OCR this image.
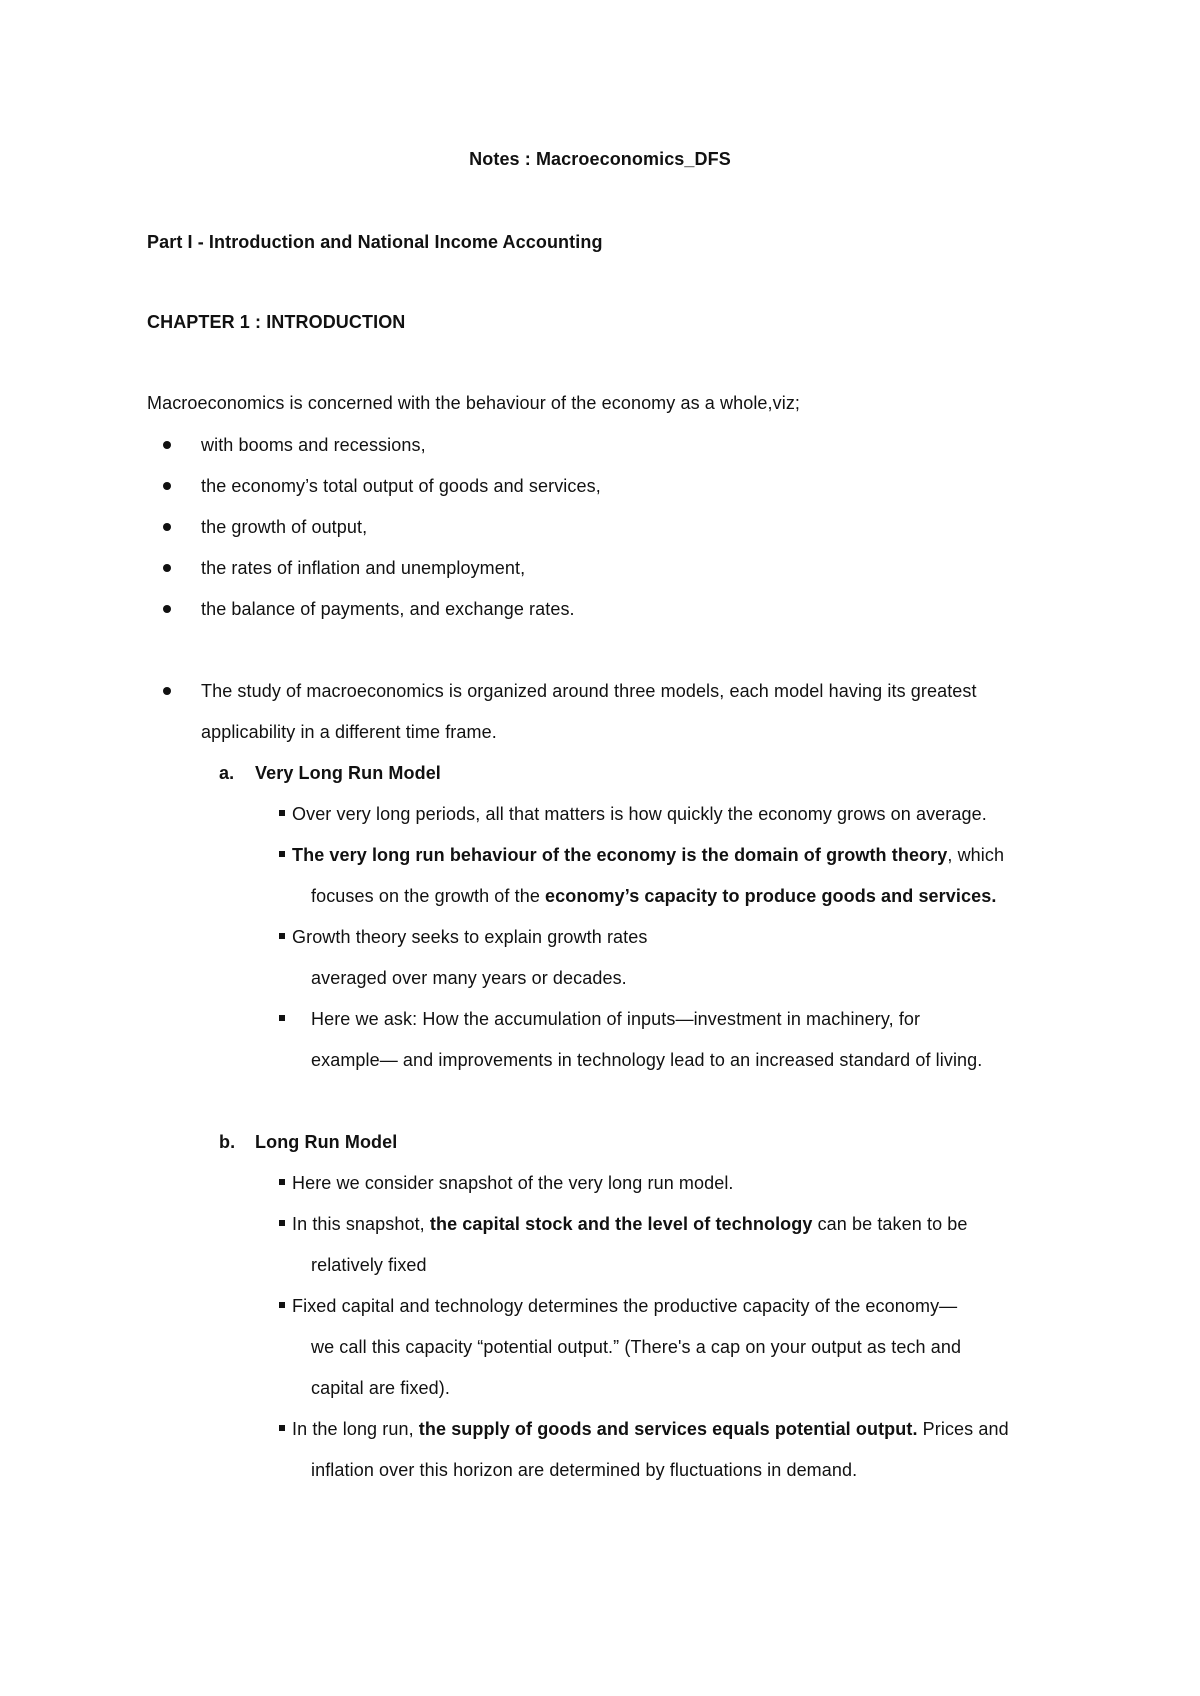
Notes : Macroeconomics_DFS
Part I - Introduction and National Income Accounting
CHAPTER 1 : INTRODUCTION
Macroeconomics is concerned with the behaviour of the economy as a whole,viz;
with booms and recessions,
the economy’s total output of goods and services,
the growth of output,
the rates of inflation and unemployment,
the balance of payments, and exchange rates.
The study of macroeconomics is organized around three models, each model having its greatest
applicability in a different time frame.
a. Very Long Run Model
Over very long periods, all that matters is how quickly the economy grows on average.
The very long run behaviour of the economy is the domain of growth theory, which
focuses on the growth of the economy’s capacity to produce goods and services.
Growth theory seeks to explain growth rates
averaged over many years or decades.
Here we ask: How the accumulation of inputs—investment in machinery, for
example— and improvements in technology lead to an increased standard of living.
b. Long Run Model
Here we consider snapshot of the very long run model.
In this snapshot, the capital stock and the level of technology can be taken to be
relatively fixed
Fixed capital and technology determines the productive capacity of the economy—
we call this capacity “potential output.” (There's a cap on your output as tech and
capital are fixed).
In the long run, the supply of goods and services equals potential output. Prices and
inflation over this horizon are determined by fluctuations in demand.
